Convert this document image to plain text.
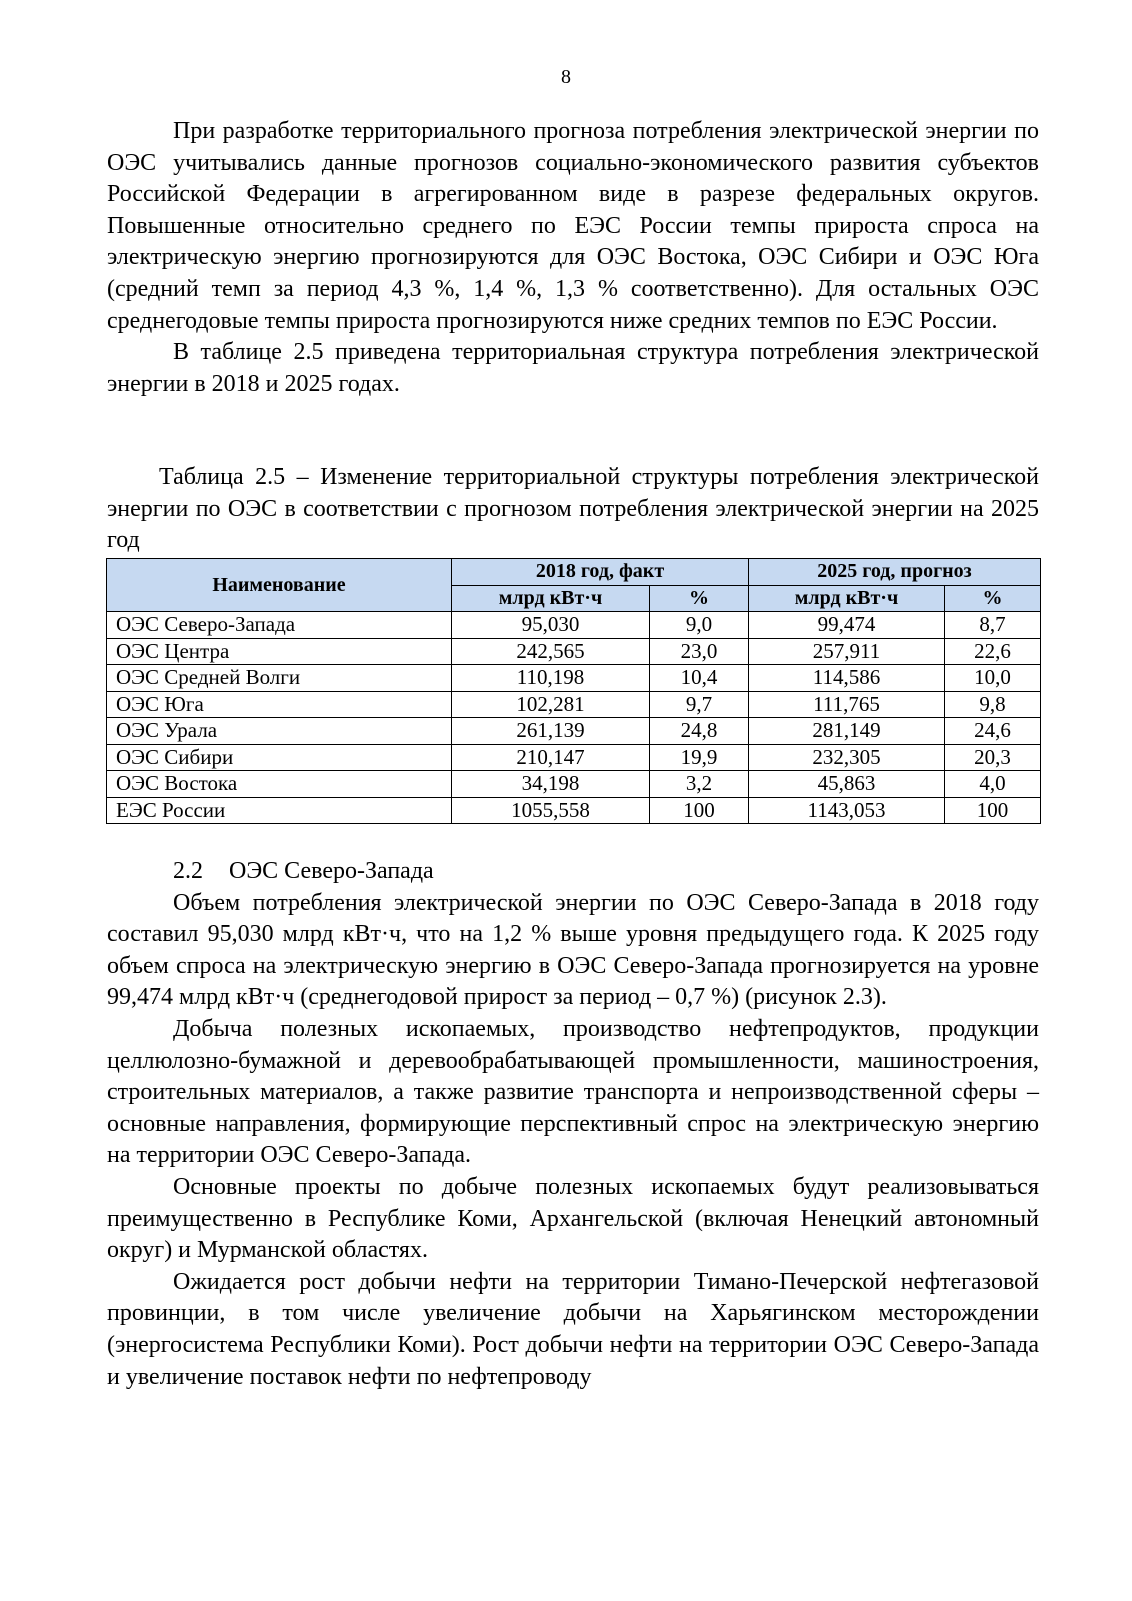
8

При разработке территориального прогноза потребления электрической энергии по ОЭС учитывались данные прогнозов социально-экономического развития субъектов Российской Федерации в агрегированном виде в разрезе федеральных округов. Повышенные относительно среднего по ЕЭС России темпы прироста спроса на электрическую энергию прогнозируются для ОЭС Востока, ОЭС Сибири и ОЭС Юга (средний темп за период 4,3 %, 1,4 %, 1,3 % соответственно). Для остальных ОЭС среднегодовые темпы прироста прогнозируются ниже средних темпов по ЕЭС России.

В таблице 2.5 приведена территориальная структура потребления электрической энергии в 2018 и 2025 годах.

Таблица 2.5 – Изменение территориальной структуры потребления электрической энергии по ОЭС в соответствии с прогнозом потребления электрической энергии на 2025 год

Наименование	2018 год, факт		2025 год, прогноз	
	млрд кВт·ч	%	млрд кВт·ч	%
ОЭС Северо-Запада	95,030	9,0	99,474	8,7
ОЭС Центра	242,565	23,0	257,911	22,6
ОЭС Средней Волги	110,198	10,4	114,586	10,0
ОЭС Юга	102,281	9,7	111,765	9,8
ОЭС Урала	261,139	24,8	281,149	24,6
ОЭС Сибири	210,147	19,9	232,305	20,3
ОЭС Востока	34,198	3,2	45,863	4,0
ЕЭС России	1055,558	100	1143,053	100

2.2 ОЭС Северо-Запада

Объем потребления электрической энергии по ОЭС Северо-Запада в 2018 году составил 95,030 млрд кВт·ч, что на 1,2 % выше уровня предыдущего года. К 2025 году объем спроса на электрическую энергию в ОЭС Северо-Запада прогнозируется на уровне 99,474 млрд кВт·ч (среднегодовой прирост за период – 0,7 %) (рисунок 2.3).

Добыча полезных ископаемых, производство нефтепродуктов, продукции целлюлозно-бумажной и деревообрабатывающей промышленности, машиностроения, строительных материалов, а также развитие транспорта и непроизводственной сферы – основные направления, формирующие перспективный спрос на электрическую энергию на территории ОЭС Северо-Запада.

Основные проекты по добыче полезных ископаемых будут реализовываться преимущественно в Республике Коми, Архангельской (включая Ненецкий автономный округ) и Мурманской областях.

Ожидается рост добычи нефти на территории Тимано-Печерской нефтегазовой провинции, в том числе увеличение добычи на Харьягинском месторождении (энергосистема Республики Коми). Рост добычи нефти на территории ОЭС Северо-Запада и увеличение поставок нефти по нефтепроводу
